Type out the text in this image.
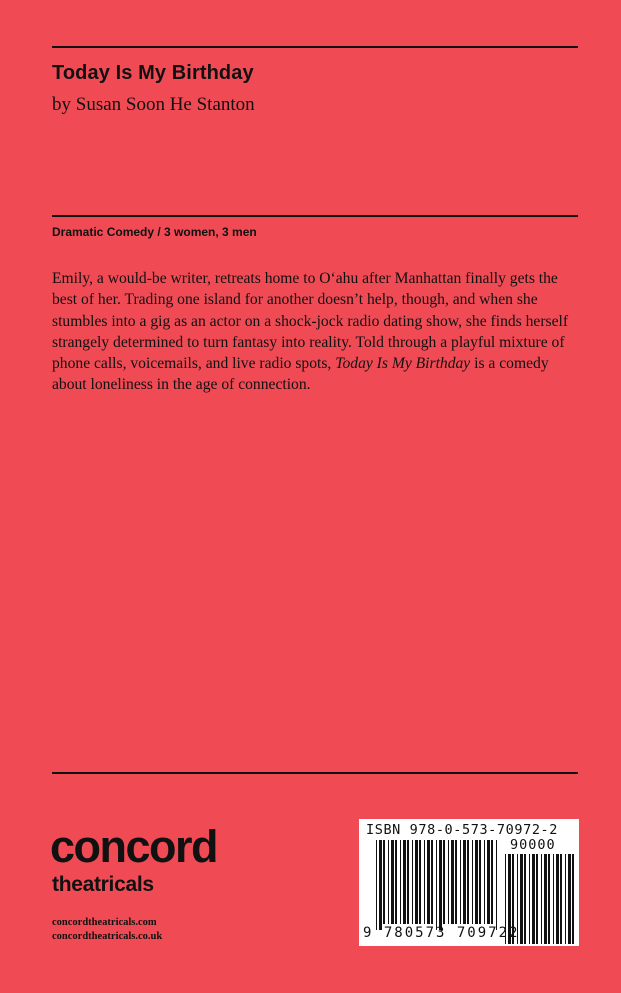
Today Is My Birthday
by Susan Soon He Stanton
Dramatic Comedy / 3 women, 3 men

Emily, a would-be writer, retreats home to O‘ahu after Manhattan finally gets the best of her. Trading one island for another doesn’t help, though, and when she stumbles into a gig as an actor on a shock-jock radio dating show, she finds herself strangely determined to turn fantasy into reality. Told through a playful mixture of phone calls, voicemails, and live radio spots, Today Is My Birthday is a comedy about loneliness in the age of connection.

concord
theatricals
concordtheatricals.com
concordtheatricals.co.uk
ISBN 978-0-573-70972-2
90000
9 780573 709722
